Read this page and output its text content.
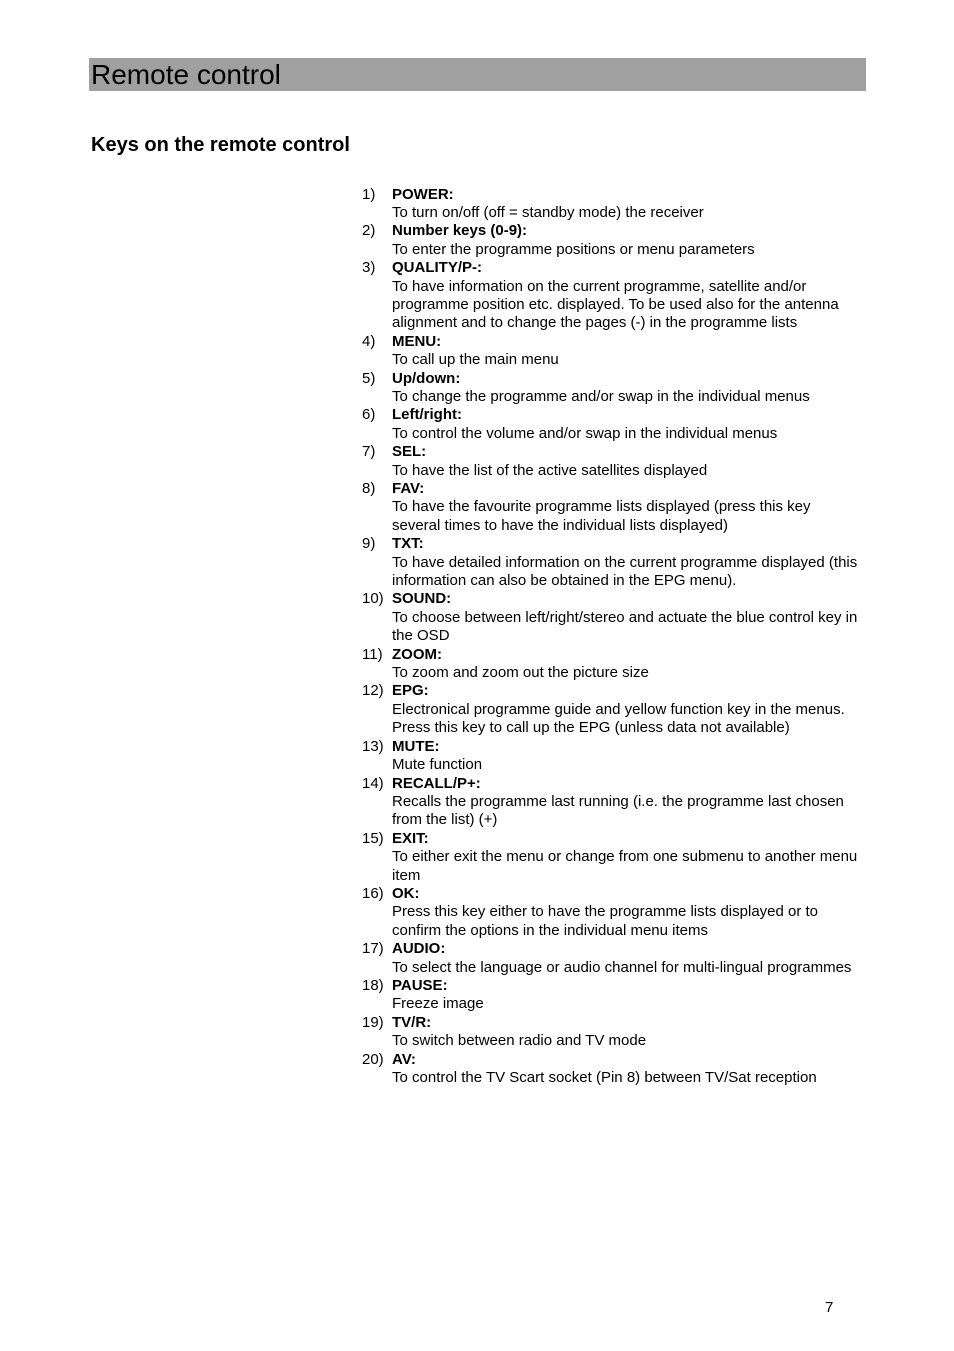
Remote control
Keys on the remote control
1) POWER:
To turn on/off (off = standby mode) the receiver
2) Number keys (0-9):
To enter the programme positions or menu parameters
3) QUALITY/P-:
To have information on the current programme, satellite and/or programme position etc. displayed. To be used also for the antenna alignment and to change the pages (-) in the programme lists
4) MENU:
To call up the main menu
5) Up/down:
To change the programme and/or swap in the individual menus
6) Left/right:
To control the volume and/or swap in the individual menus
7) SEL:
To have the list of the active satellites displayed
8) FAV:
To have the favourite programme lists displayed (press this key several times to have the individual lists displayed)
9) TXT:
To have detailed information on the current programme displayed (this information can also be obtained in the EPG menu).
10) SOUND:
To choose between left/right/stereo and actuate the blue control key in the OSD
11) ZOOM:
To zoom and zoom out the picture size
12) EPG:
Electronical programme guide and yellow function key in the menus. Press this key to call up the EPG (unless data not available)
13) MUTE:
Mute function
14) RECALL/P+:
Recalls the programme last running (i.e. the programme last chosen from the list) (+)
15) EXIT:
To either exit the menu or change from one submenu to another menu item
16) OK:
Press this key either to have the programme lists displayed or to confirm the options in the individual menu items
17) AUDIO:
To select the language or audio channel for multi-lingual programmes
18) PAUSE:
Freeze image
19) TV/R:
To switch between radio and TV mode
20) AV:
To control the TV Scart socket (Pin 8) between TV/Sat reception
7
